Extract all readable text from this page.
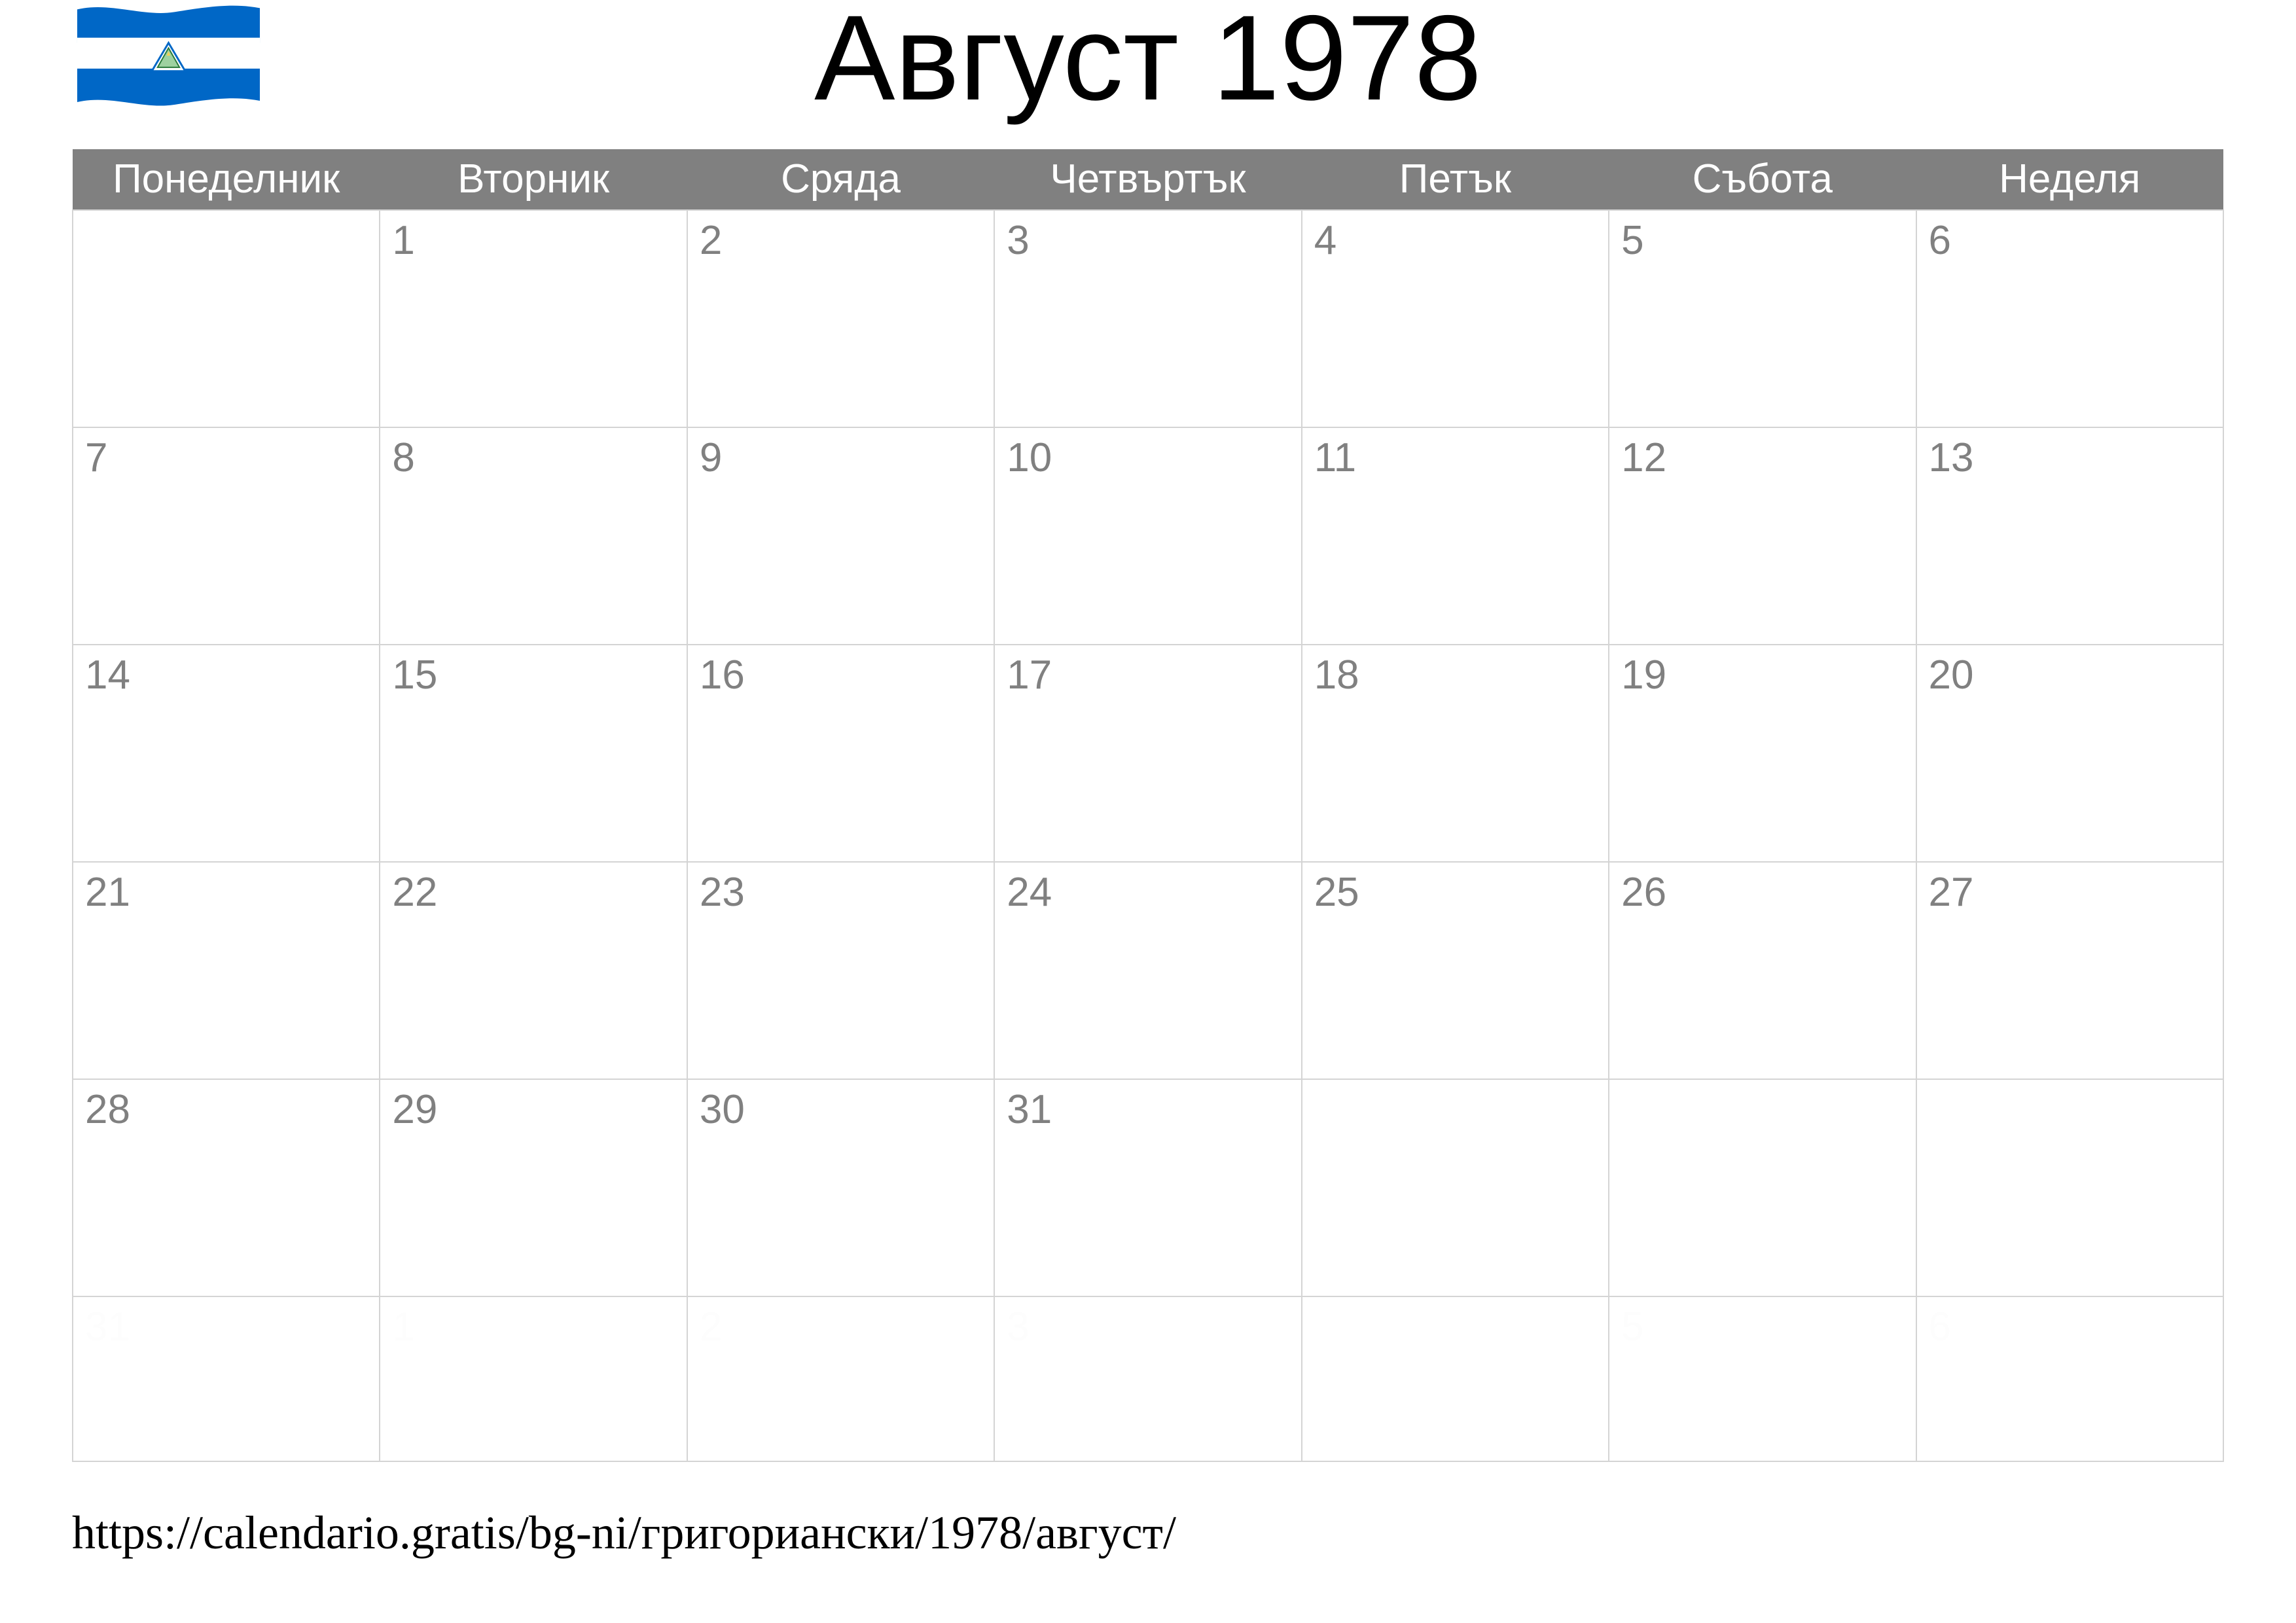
Август 1978
Понеделник	Вторник	Сряда	Четвъртък	Петък	Събота	Неделя
	1	2	3	4	5	6
7	8	9	10	11	12	13
14	15	16	17	18	19	20
21	22	23	24	25	26	27
28	29	30	31			
31	1	2	3		5	6
https://calendario.gratis/bg-ni/григориански/1978/август/
